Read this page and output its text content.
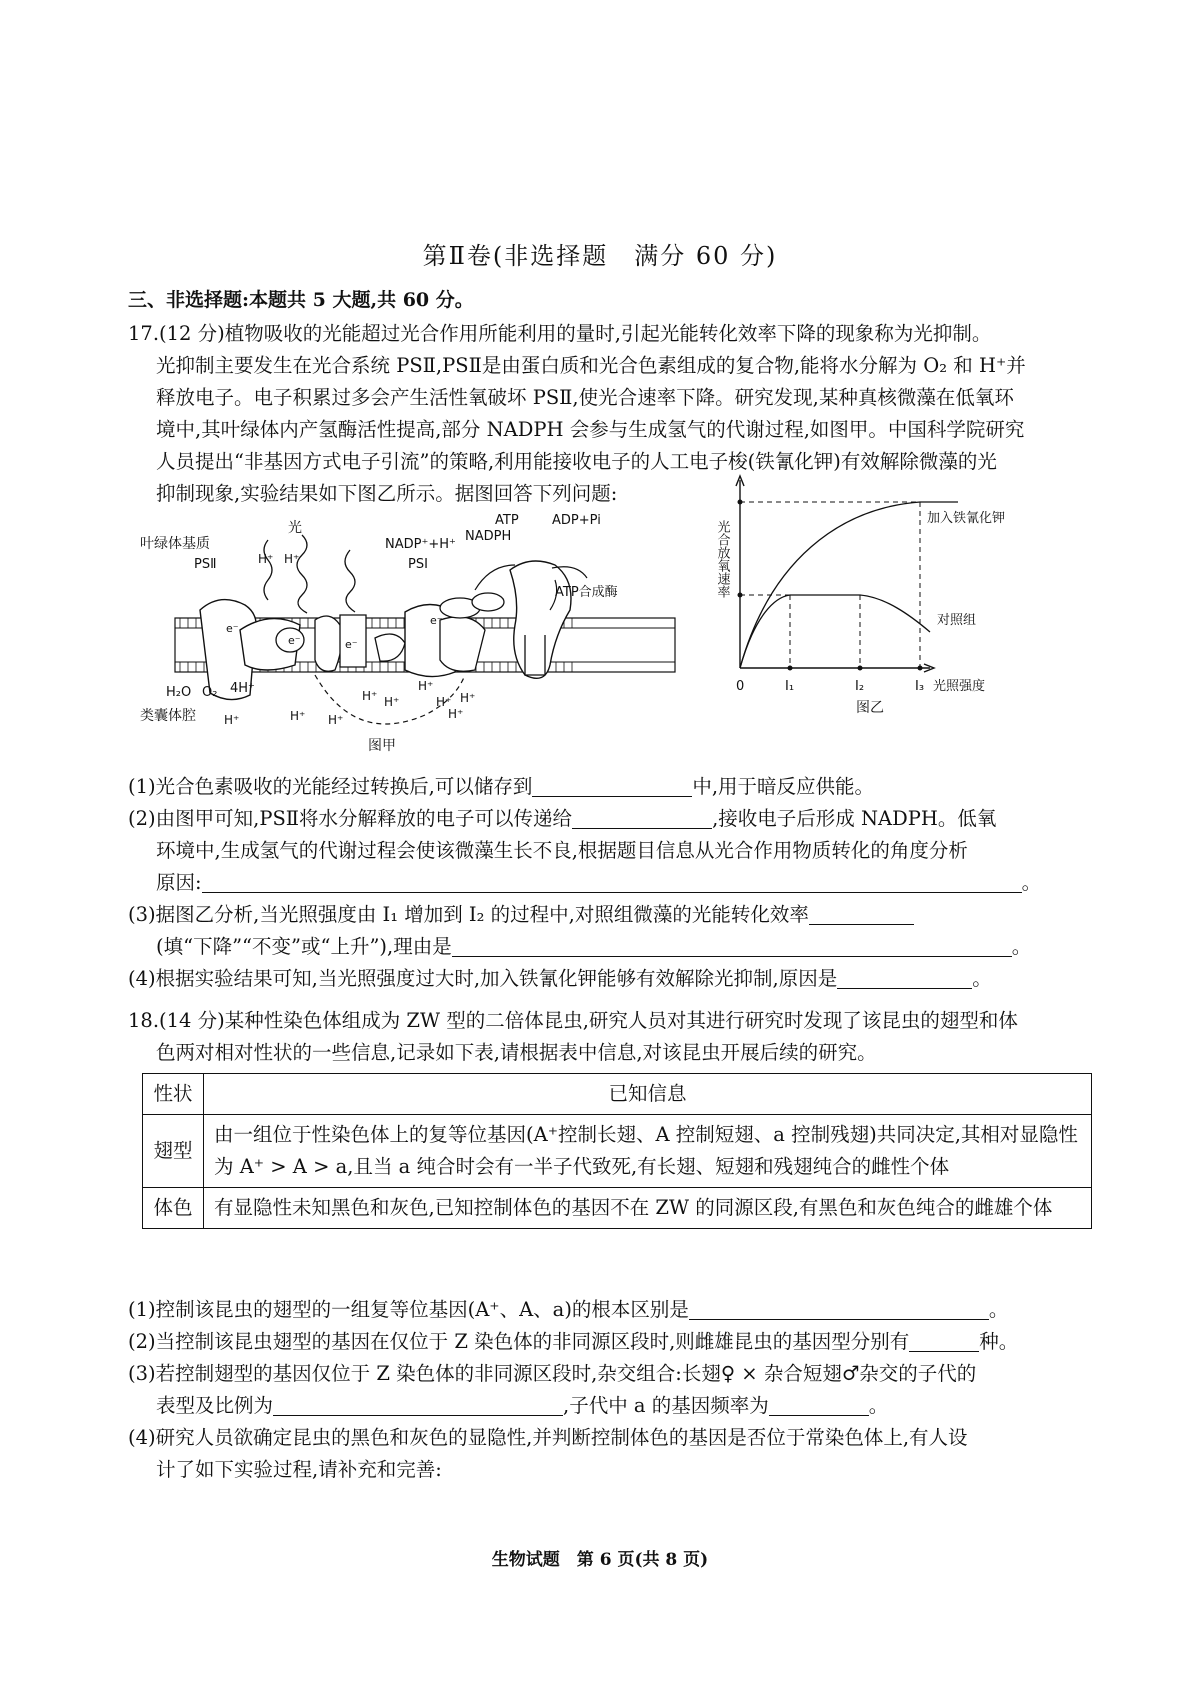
第Ⅱ卷(非选择题　满分 60 分)
三、非选择题:本题共 5 大题,共 60 分。

17.(12 分)植物吸收的光能超过光合作用所能利用的量时,引起光能转化效率下降的现象称为光抑制。

光抑制主要发生在光合系统 PSⅡ,PSⅡ是由蛋白质和光合色素组成的复合物,能将水分解为 O₂ 和 H⁺并

释放电子。电子积累过多会产生活性氧破坏 PSⅡ,使光合速率下降。研究发现,某种真核微藻在低氧环

境中,其叶绿体内产氢酶活性提高,部分 NADPH 会参与生成氢气的代谢过程,如图甲。中国科学院研究

人员提出“非基因方式电子引流”的策略,利用能接收电子的人工电子梭(铁氰化钾)有效解除微藻的光

抑制现象,实验结果如下图乙所示。据图回答下列问题:

光
叶绿体基质
PSⅡ	H⁺ H⁺
NADP⁺+H⁺
PSⅠ
NADPH
ATP	ADP+Pi
ATP合成酶
e⁻
e⁻	e⁻
e⁻
H₂O O₂ 4H⁺
类囊体腔 H⁺	H⁺ H⁺
H⁺ H⁺
H⁺
H⁺ H⁺
H⁺
图甲
光合放氧速率
0	I₁	I₂	I₃ 光照强度
加入铁氰化钾
对照组
图乙

(1)光合色素吸收的光能经过转换后,可以储存到	中,用于暗反应供能。

(2)由图甲可知,PSⅡ将水分解释放的电子可以传递给	,接收电子后形成 NADPH。低氧

环境中,生成氢气的代谢过程会使该微藻生长不良,根据题目信息从光合作用物质转化的角度分析

原因:	。

(3)据图乙分析,当光照强度由 I₁ 增加到 I₂ 的过程中,对照组微藻的光能转化效率

(填“下降”“不变”或“上升”),理由是	。

(4)根据实验结果可知,当光照强度过大时,加入铁氰化钾能够有效解除光抑制,原因是	。

18.(14 分)某种性染色体组成为 ZW 型的二倍体昆虫,研究人员对其进行研究时发现了该昆虫的翅型和体

色两对相对性状的一些信息,记录如下表,请根据表中信息,对该昆虫开展后续的研究。

性状	已知信息
翅型	由一组位于性染色体上的复等位基因(A⁺控制长翅、A 控制短翅、a 控制残翅)共同决定,其相对显隐性为 A⁺ > A > a,且当 a 纯合时会有一半子代致死,有长翅、短翅和残翅纯合的雌性个体
体色	有显隐性未知黑色和灰色,已知控制体色的基因不在 ZW 的同源区段,有黑色和灰色纯合的雌雄个体

(1)控制该昆虫的翅型的一组复等位基因(A⁺、A、a)的根本区别是	。

(2)当控制该昆虫翅型的基因在仅位于 Z 染色体的非同源区段时,则雌雄昆虫的基因型分别有	种。

(3)若控制翅型的基因仅位于 Z 染色体的非同源区段时,杂交组合:长翅♀ × 杂合短翅♂杂交的子代的

表型及比例为	,子代中 a 的基因频率为	。

(4)研究人员欲确定昆虫的黑色和灰色的显隐性,并判断控制体色的基因是否位于常染色体上,有人设

计了如下实验过程,请补充和完善:

生物试题　第 6 页(共 8 页)
